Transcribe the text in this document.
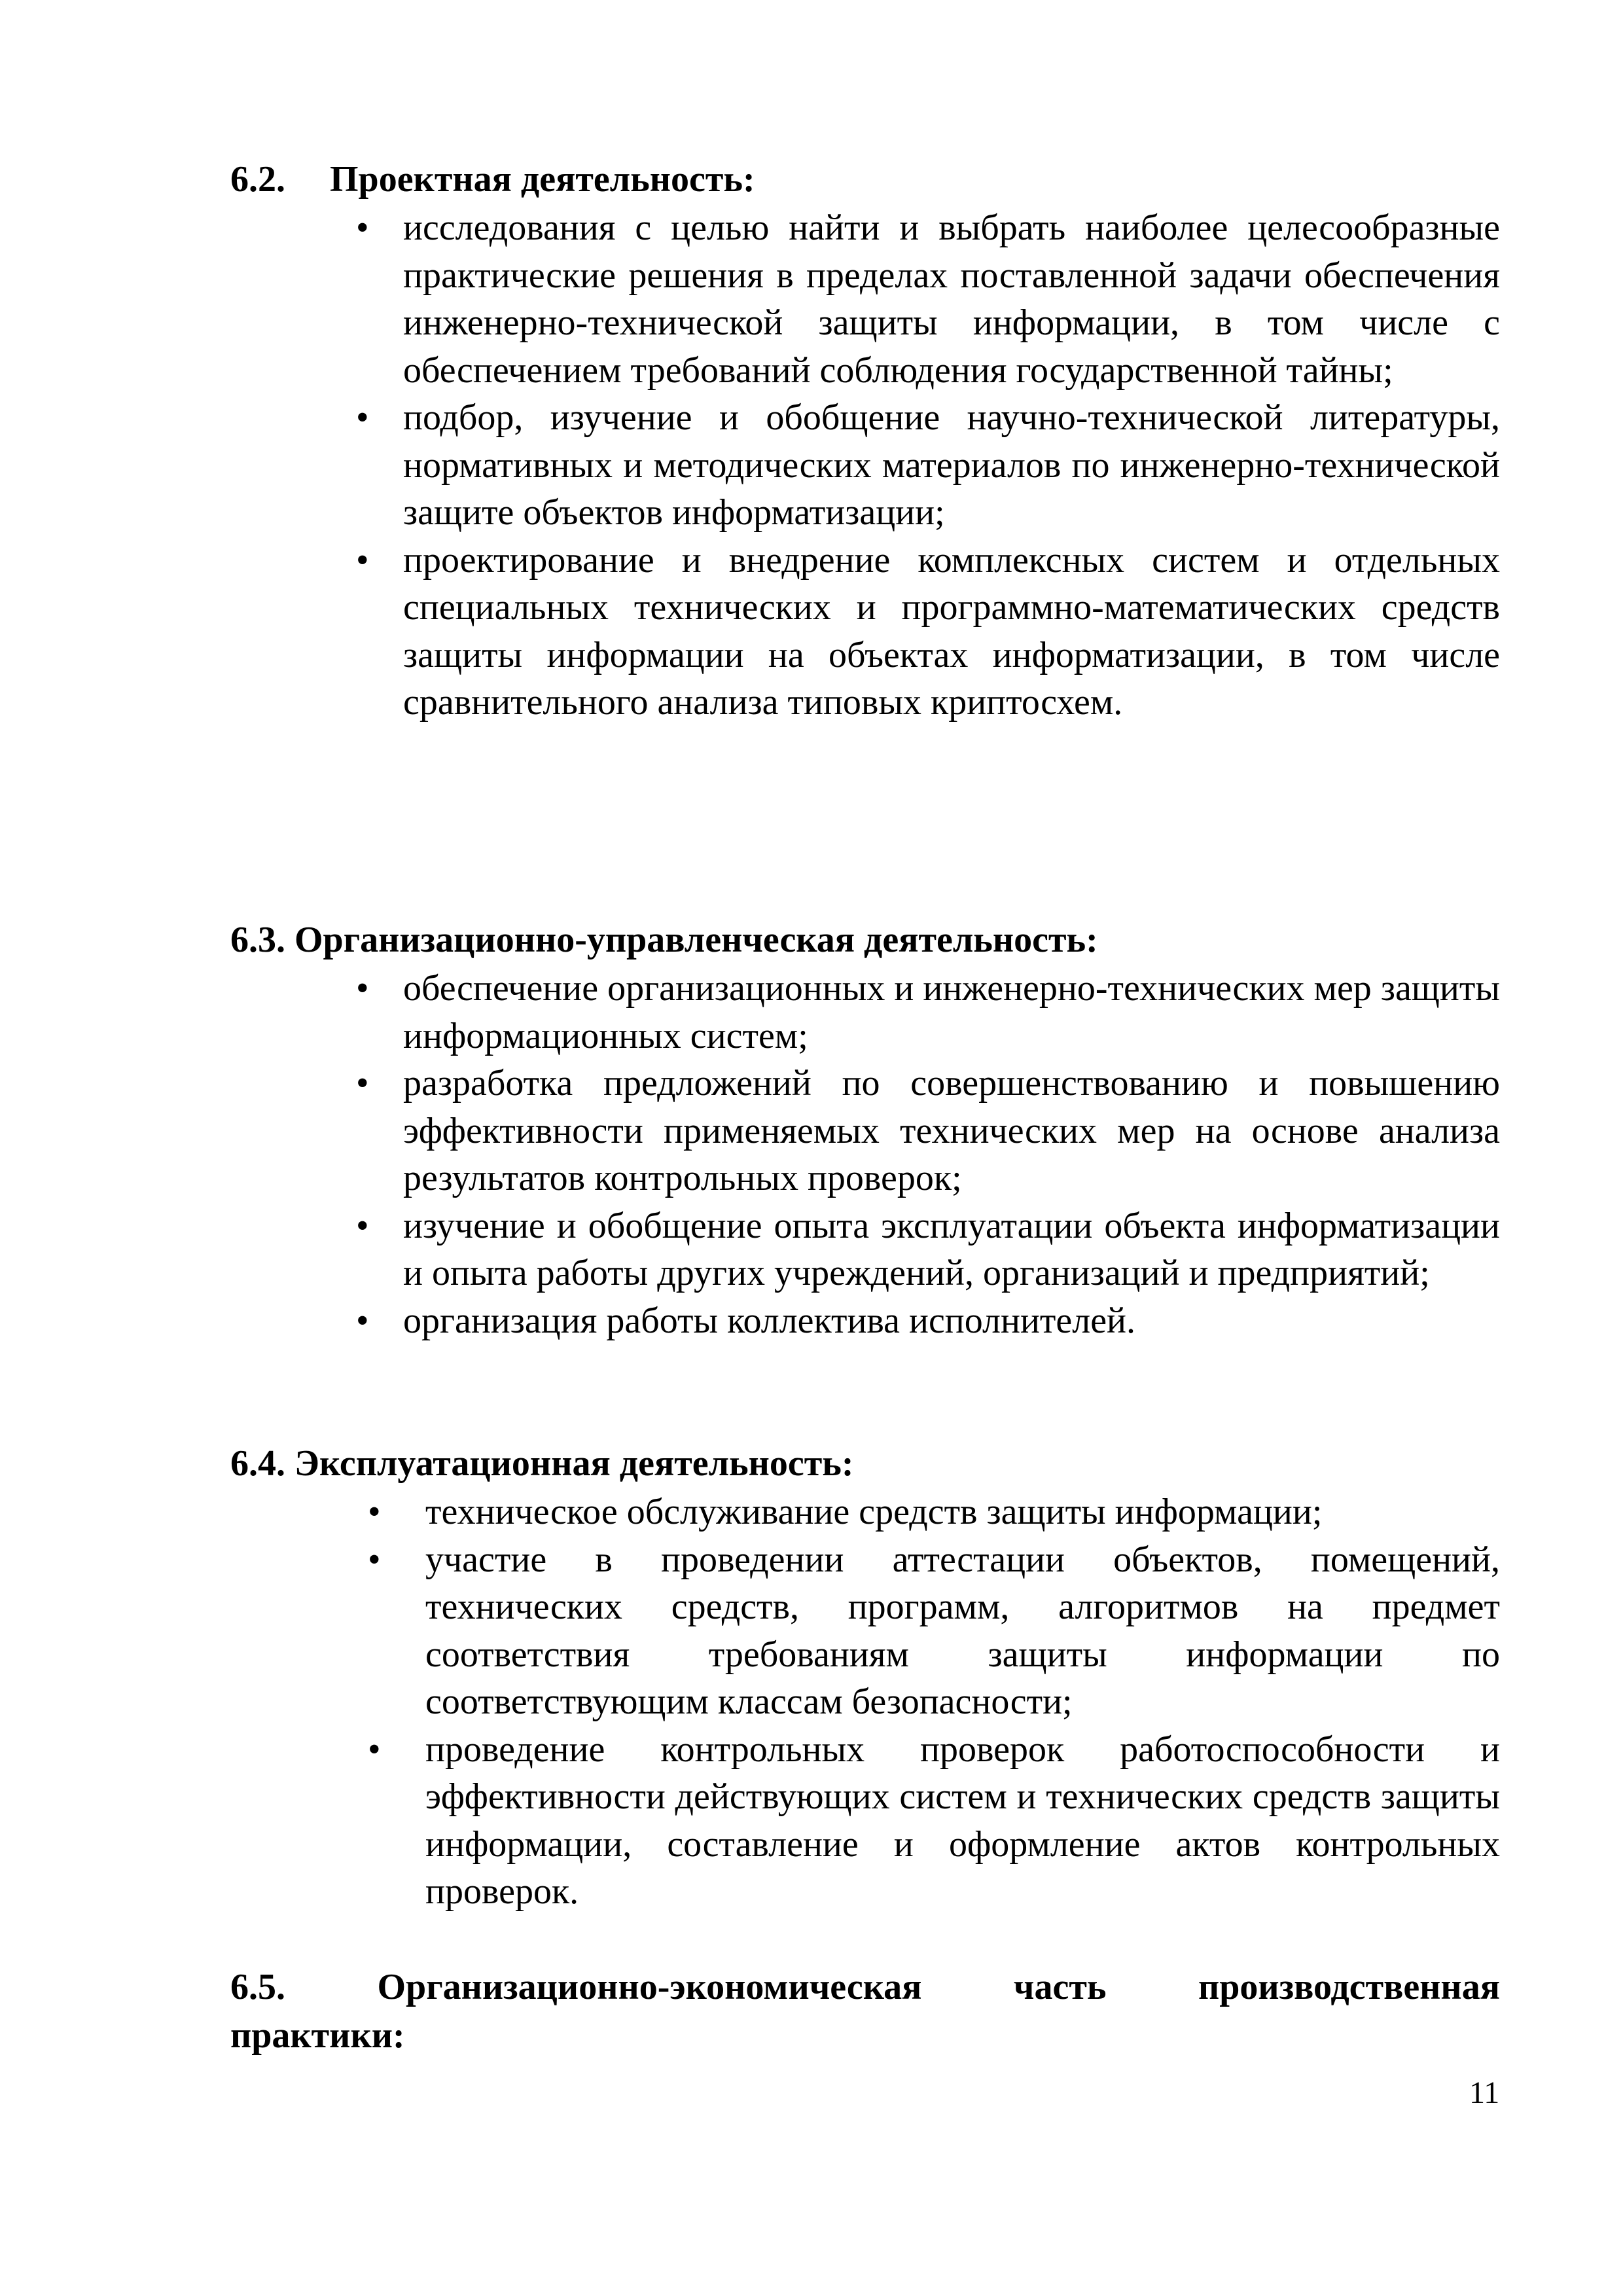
6.2. Проектная деятельность:
• исследования с целью найти и выбрать наиболее целесообразные практические решения в пределах поставленной задачи обеспечения инженерно-технической защиты информации, в том числе с обеспечением требований соблюдения государственной тайны;
• подбор, изучение и обобщение научно-технической литературы, нормативных и методических материалов по инженерно-технической защите объектов информатизации;
• проектирование и внедрение комплексных систем и отдельных специальных технических и программно-математических средств защиты информации на объектах информатизации, в том числе сравнительного анализа типовых криптосхем.
6.3. Организационно-управленческая деятельность:
• обеспечение организационных и инженерно-технических мер защиты информационных систем;
• разработка предложений по совершенствованию и повышению эффективности применяемых технических мер на основе анализа результатов контрольных проверок;
• изучение и обобщение опыта эксплуатации объекта информатизации и опыта работы других учреждений, организаций и предприятий;
• организация работы коллектива исполнителей.
6.4. Эксплуатационная деятельность:
• техническое обслуживание средств защиты информации;
• участие в проведении аттестации объектов, помещений, технических средств, программ, алгоритмов на предмет соответствия требованиям защиты информации по соответствующим классам безопасности;
• проведение контрольных проверок работоспособности и эффективности действующих систем и технических средств защиты информации, составление и оформление актов контрольных проверок.
6.5.	Организационно-экономическая часть производственная
практики:
11
